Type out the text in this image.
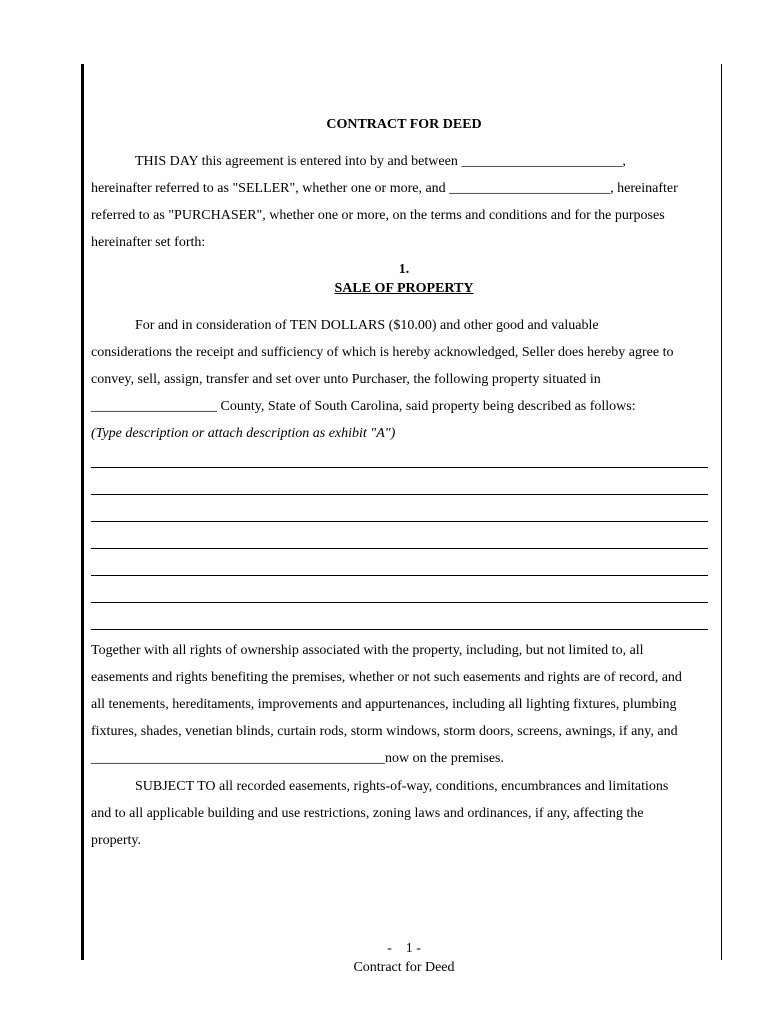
CONTRACT FOR DEED
THIS DAY this agreement is entered into by and between _______________________,
hereinafter referred to as "SELLER", whether one or more, and _______________________, hereinafter
referred to as "PURCHASER", whether one or more, on the terms and conditions and for the purposes
hereinafter set forth:
1.
SALE OF PROPERTY
For and in consideration of TEN DOLLARS ($10.00) and other good and valuable
considerations the receipt and sufficiency of which is hereby acknowledged, Seller does hereby agree to
convey, sell, assign, transfer and set over unto Purchaser, the following property situated in
__________________ County, State of South Carolina, said property being described as follows:
(Type description or attach description as exhibit "A")
Together with all rights of ownership associated with the property, including, but not limited to, all
easements and rights benefiting the premises, whether or not such easements and rights are of record, and
all tenements, hereditaments, improvements and appurtenances, including all lighting fixtures, plumbing
fixtures, shades, venetian blinds, curtain rods, storm windows, storm doors, screens, awnings, if any, and
__________________________________________now on the premises.
SUBJECT TO all recorded easements, rights-of-way, conditions, encumbrances and limitations
and to all applicable building and use restrictions, zoning laws and ordinances, if any, affecting the
property.
-    1 -
Contract for Deed
